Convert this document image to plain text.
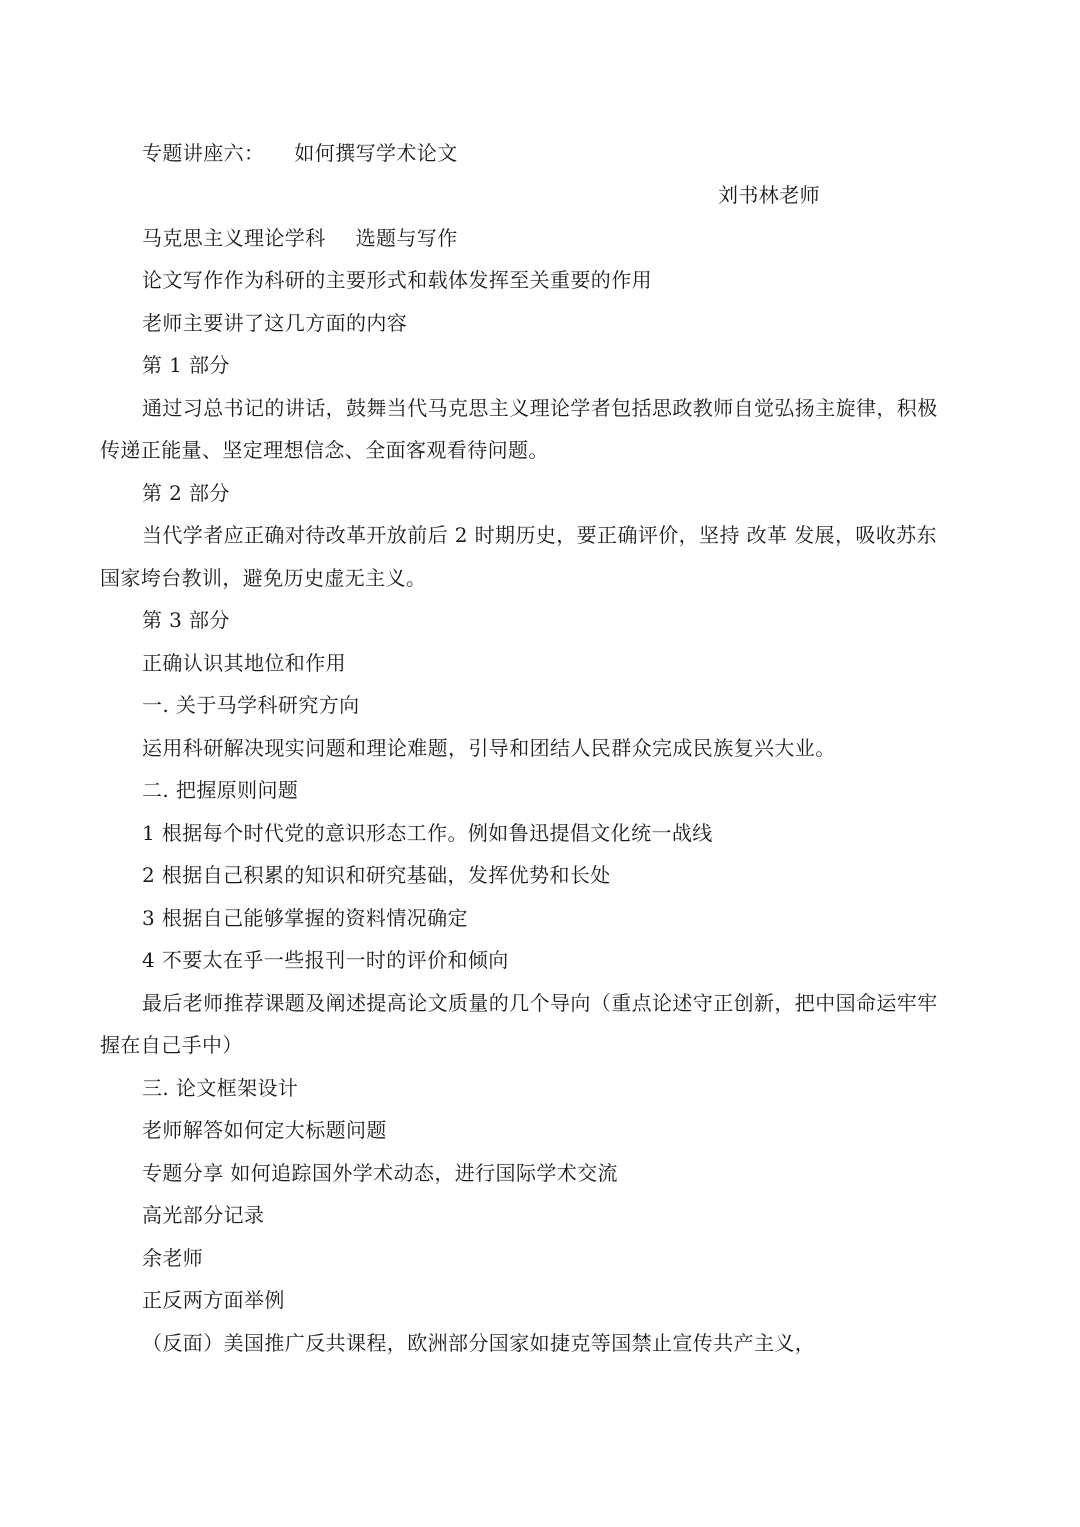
专题讲座六： 如何撰写学术论文
刘书林老师
马克思主义理论学科 选题与写作
论文写作作为科研的主要形式和载体发挥至关重要的作用
老师主要讲了这几方面的内容
第 1 部分
通过习总书记的讲话，鼓舞当代马克思主义理论学者包括思政教师自觉弘扬主旋律，积极
传递正能量、坚定理想信念、全面客观看待问题。
第 2 部分
当代学者应正确对待改革开放前后 2 时期历史，要正确评价，坚持 改革 发展，吸收苏东
国家垮台教训，避免历史虚无主义。
第 3 部分
正确认识其地位和作用
一. 关于马学科研究方向
运用科研解决现实问题和理论难题，引导和团结人民群众完成民族复兴大业。
二. 把握原则问题
1 根据每个时代党的意识形态工作。例如鲁迅提倡文化统一战线
2 根据自己积累的知识和研究基础，发挥优势和长处
3 根据自己能够掌握的资料情况确定
4 不要太在乎一些报刊一时的评价和倾向
最后老师推荐课题及阐述提高论文质量的几个导向（重点论述守正创新，把中国命运牢牢
握在自己手中）
三. 论文框架设计
老师解答如何定大标题问题
专题分享 如何追踪国外学术动态，进行国际学术交流
高光部分记录
余老师
正反两方面举例
（反面）美国推广反共课程，欧洲部分国家如捷克等国禁止宣传共产主义，
